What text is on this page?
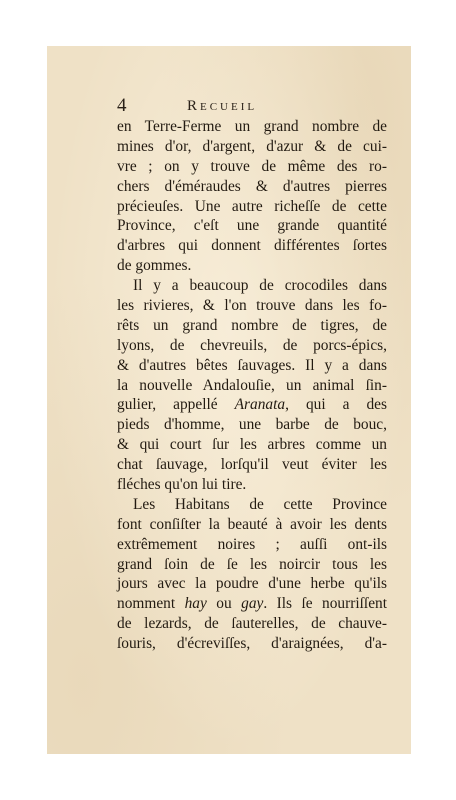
4	Recueil
en Terre-Ferme un grand nombre de
mines d'or, d'argent, d'azur & de cui-
vre ; on y trouve de même des ro-
chers d'éméraudes & d'autres pierres
précieuſes. Une autre richeſſe de cette
Province, c'eſt une grande quantité
d'arbres qui donnent différentes ſortes
de gommes.
Il y a beaucoup de crocodiles dans
les rivieres, & l'on trouve dans les fo-
rêts un grand nombre de tigres, de
lyons, de chevreuils, de porcs-épics,
& d'autres bêtes ſauvages. Il y a dans
la nouvelle Andalouſie, un animal ſin-
gulier, appellé Aranata, qui a des
pieds d'homme, une barbe de bouc,
& qui court ſur les arbres comme un
chat ſauvage, lorſqu'il veut éviter les
fléches qu'on lui tire.
Les Habitans de cette Province
font conſiſter la beauté à avoir les dents
extrêmement noires ; auſſi ont-ils
grand ſoin de ſe les noircir tous les
jours avec la poudre d'une herbe qu'ils
nomment hay ou gay. Ils ſe nourriſſent
de lezards, de ſauterelles, de chauve-
ſouris, d'écreviſſes, d'araignées, d'a-
